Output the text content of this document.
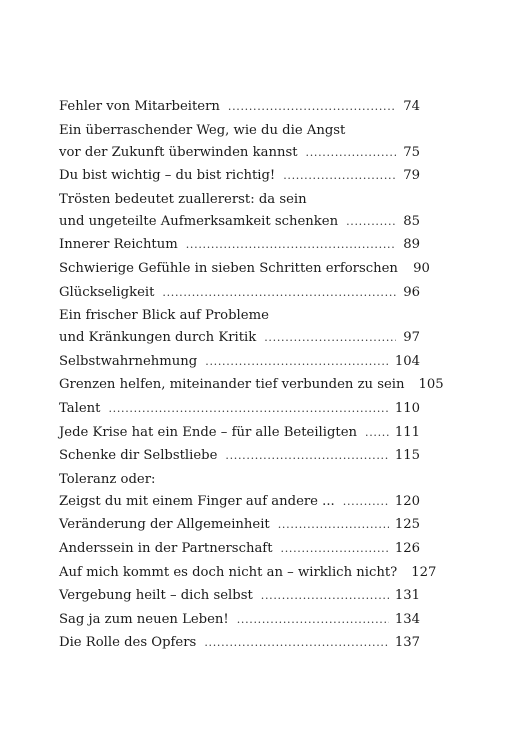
Fehler von Mitarbeitern . . .	74
Ein überraschender Weg, wie du die Angst
vor der Zukunft überwinden kannst . . .	75
Du bist wichtig – du bist richtig! . . .	79
Trösten bedeutet zuallererst: da sein
und ungeteilte Aufmerksamkeit schenken . . .	85
Innerer Reichtum . . .	89
Schwierige Gefühle in sieben Schritten erforschen 90
Glückseligkeit . . .	96
Ein frischer Blick auf Probleme
und Kränkungen durch Kritik . . .	97
Selbstwahrnehmung . . .	104
Grenzen helfen, miteinander tief verbunden zu sein 105
Talent . . .	110
Jede Krise hat ein Ende – für alle Beteiligten . . .	111
Schenke dir Selbstliebe . . .	115
Toleranz oder:
Zeigst du mit einem Finger auf andere ... . . .	120
Veränderung der Allgemeinheit . . .	125
Anderssein in der Partnerschaft . . .	126
Auf mich kommt es doch nicht an – wirklich nicht? 127
Vergebung heilt – dich selbst . . .	131
Sag ja zum neuen Leben! . . .	134
Die Rolle des Opfers . . .	137
